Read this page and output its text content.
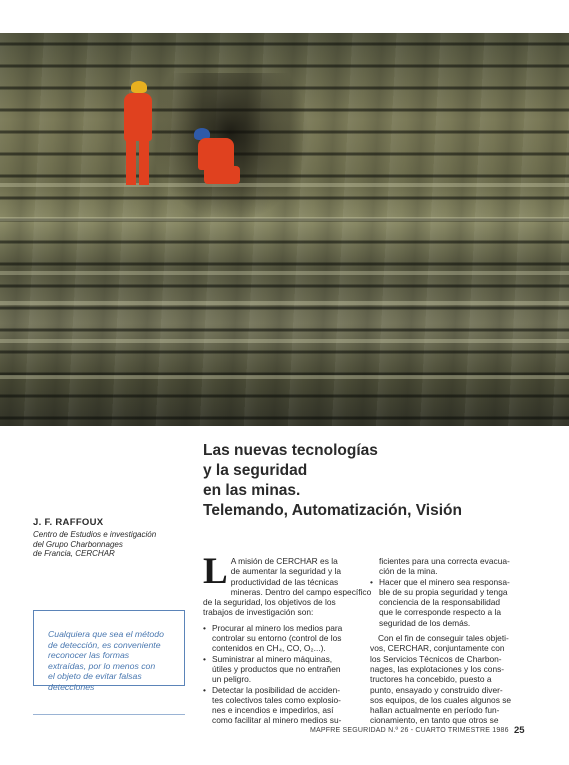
Las nuevas tecnologías
y la seguridad
en las minas.
Telemando, Automatización, Visión

J. F. RAFFOUX

Centro de Estudios e investigación
del Grupo Charbonnages
de Francia, CERCHAR
Cualquiera que sea el método
de detección, es conveniente
reconocer las formas
extraídas, por lo menos con
el objeto de evitar falsas
detecciones

L A misión de CERCHAR es la
de aumentar la seguridad y la
productividad de las técnicas
mineras. Dentro del campo específico
de la seguridad, los objetivos de los
trabajos de investigación son:

• Procurar al minero los medios para
controlar su entorno (control de los
contenidos en CH₄, CO, O₂...).
• Suministrar al minero máquinas,
útiles y productos que no entrañen
un peligro.
• Detectar la posibilidad de acciden-
tes colectivos tales como explosio-
nes e incendios e impedirlos, así
como facilitar al minero medios su-
ficientes para una correcta evacua-
ción de la mina.
• Hacer que el minero sea responsa-
ble de su propia seguridad y tenga
conciencia de la responsabilidad
que le corresponde respecto a la
seguridad de los demás.

Con el fin de conseguir tales objeti-
vos, CERCHAR, conjuntamente con
los Servicios Técnicos de Charbon-
nages, las explotaciones y los cons-
tructores ha concebido, puesto a
punto, ensayado y construido diver-
sos equipos, de los cuales algunos se
hallan actualmente en período fun-
cionamiento, en tanto que otros se

MAPFRE SEGURIDAD N.º 26 - CUARTO TRIMESTRE 1986 25
